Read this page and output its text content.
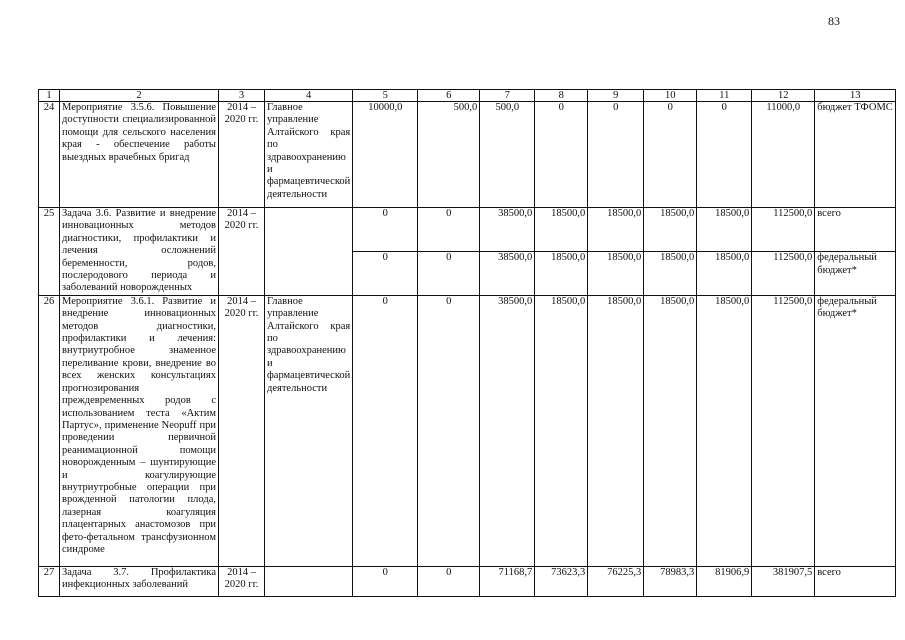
83
1	2	3	4	5	6	7	8	9	10	11	12	13
24	Мероприятие 3.5.6. Повышение доступности специализированной помощи для сельского населения края - обеспечение работы выездных врачебных бригад	2014 – 2020 гг.	Главное управление Алтайского края по здравоохранению и фармацевтической деятельности	10000,0	500,0	500,0	0	0	0	0	11000,0	бюджет ТФОМС
25	Задача 3.6. Развитие и внедрение инновационных методов диагностики, профилактики и лечения осложнений беременности, родов, послеродового периода и заболеваний новорожденных	2014 – 2020 гг.		0	0	38500,0	18500,0	18500,0	18500,0	18500,0	112500,0	всего
				0	0	38500,0	18500,0	18500,0	18500,0	18500,0	112500,0	федеральный бюджет*
26	Мероприятие 3.6.1. Развитие и внедрение инновационных методов диагностики, профилактики и лечения: внутриутробное знаменное переливание крови, внедрение во всех женских консультациях прогнозирования преждевременных родов с использованием теста «Актим Партус», применение Neopuff при проведении первичной реанимационной помощи новорожденным – шунтирующие и коагулирующие внутриутробные операции при врожденной патологии плода, лазерная коагуляция плацентарных анастомозов при фето-фетальном трансфузионном синдроме	2014 – 2020 гг.	Главное управление Алтайского края по здравоохранению и фармацевтической деятельности	0	0	38500,0	18500,0	18500,0	18500,0	18500,0	112500,0	федеральный бюджет*
27	Задача 3.7. Профилактика инфекционных заболеваний	2014 – 2020 гг.		0	0	71168,7	73623,3	76225,3	78983,3	81906,9	381907,5	всего
